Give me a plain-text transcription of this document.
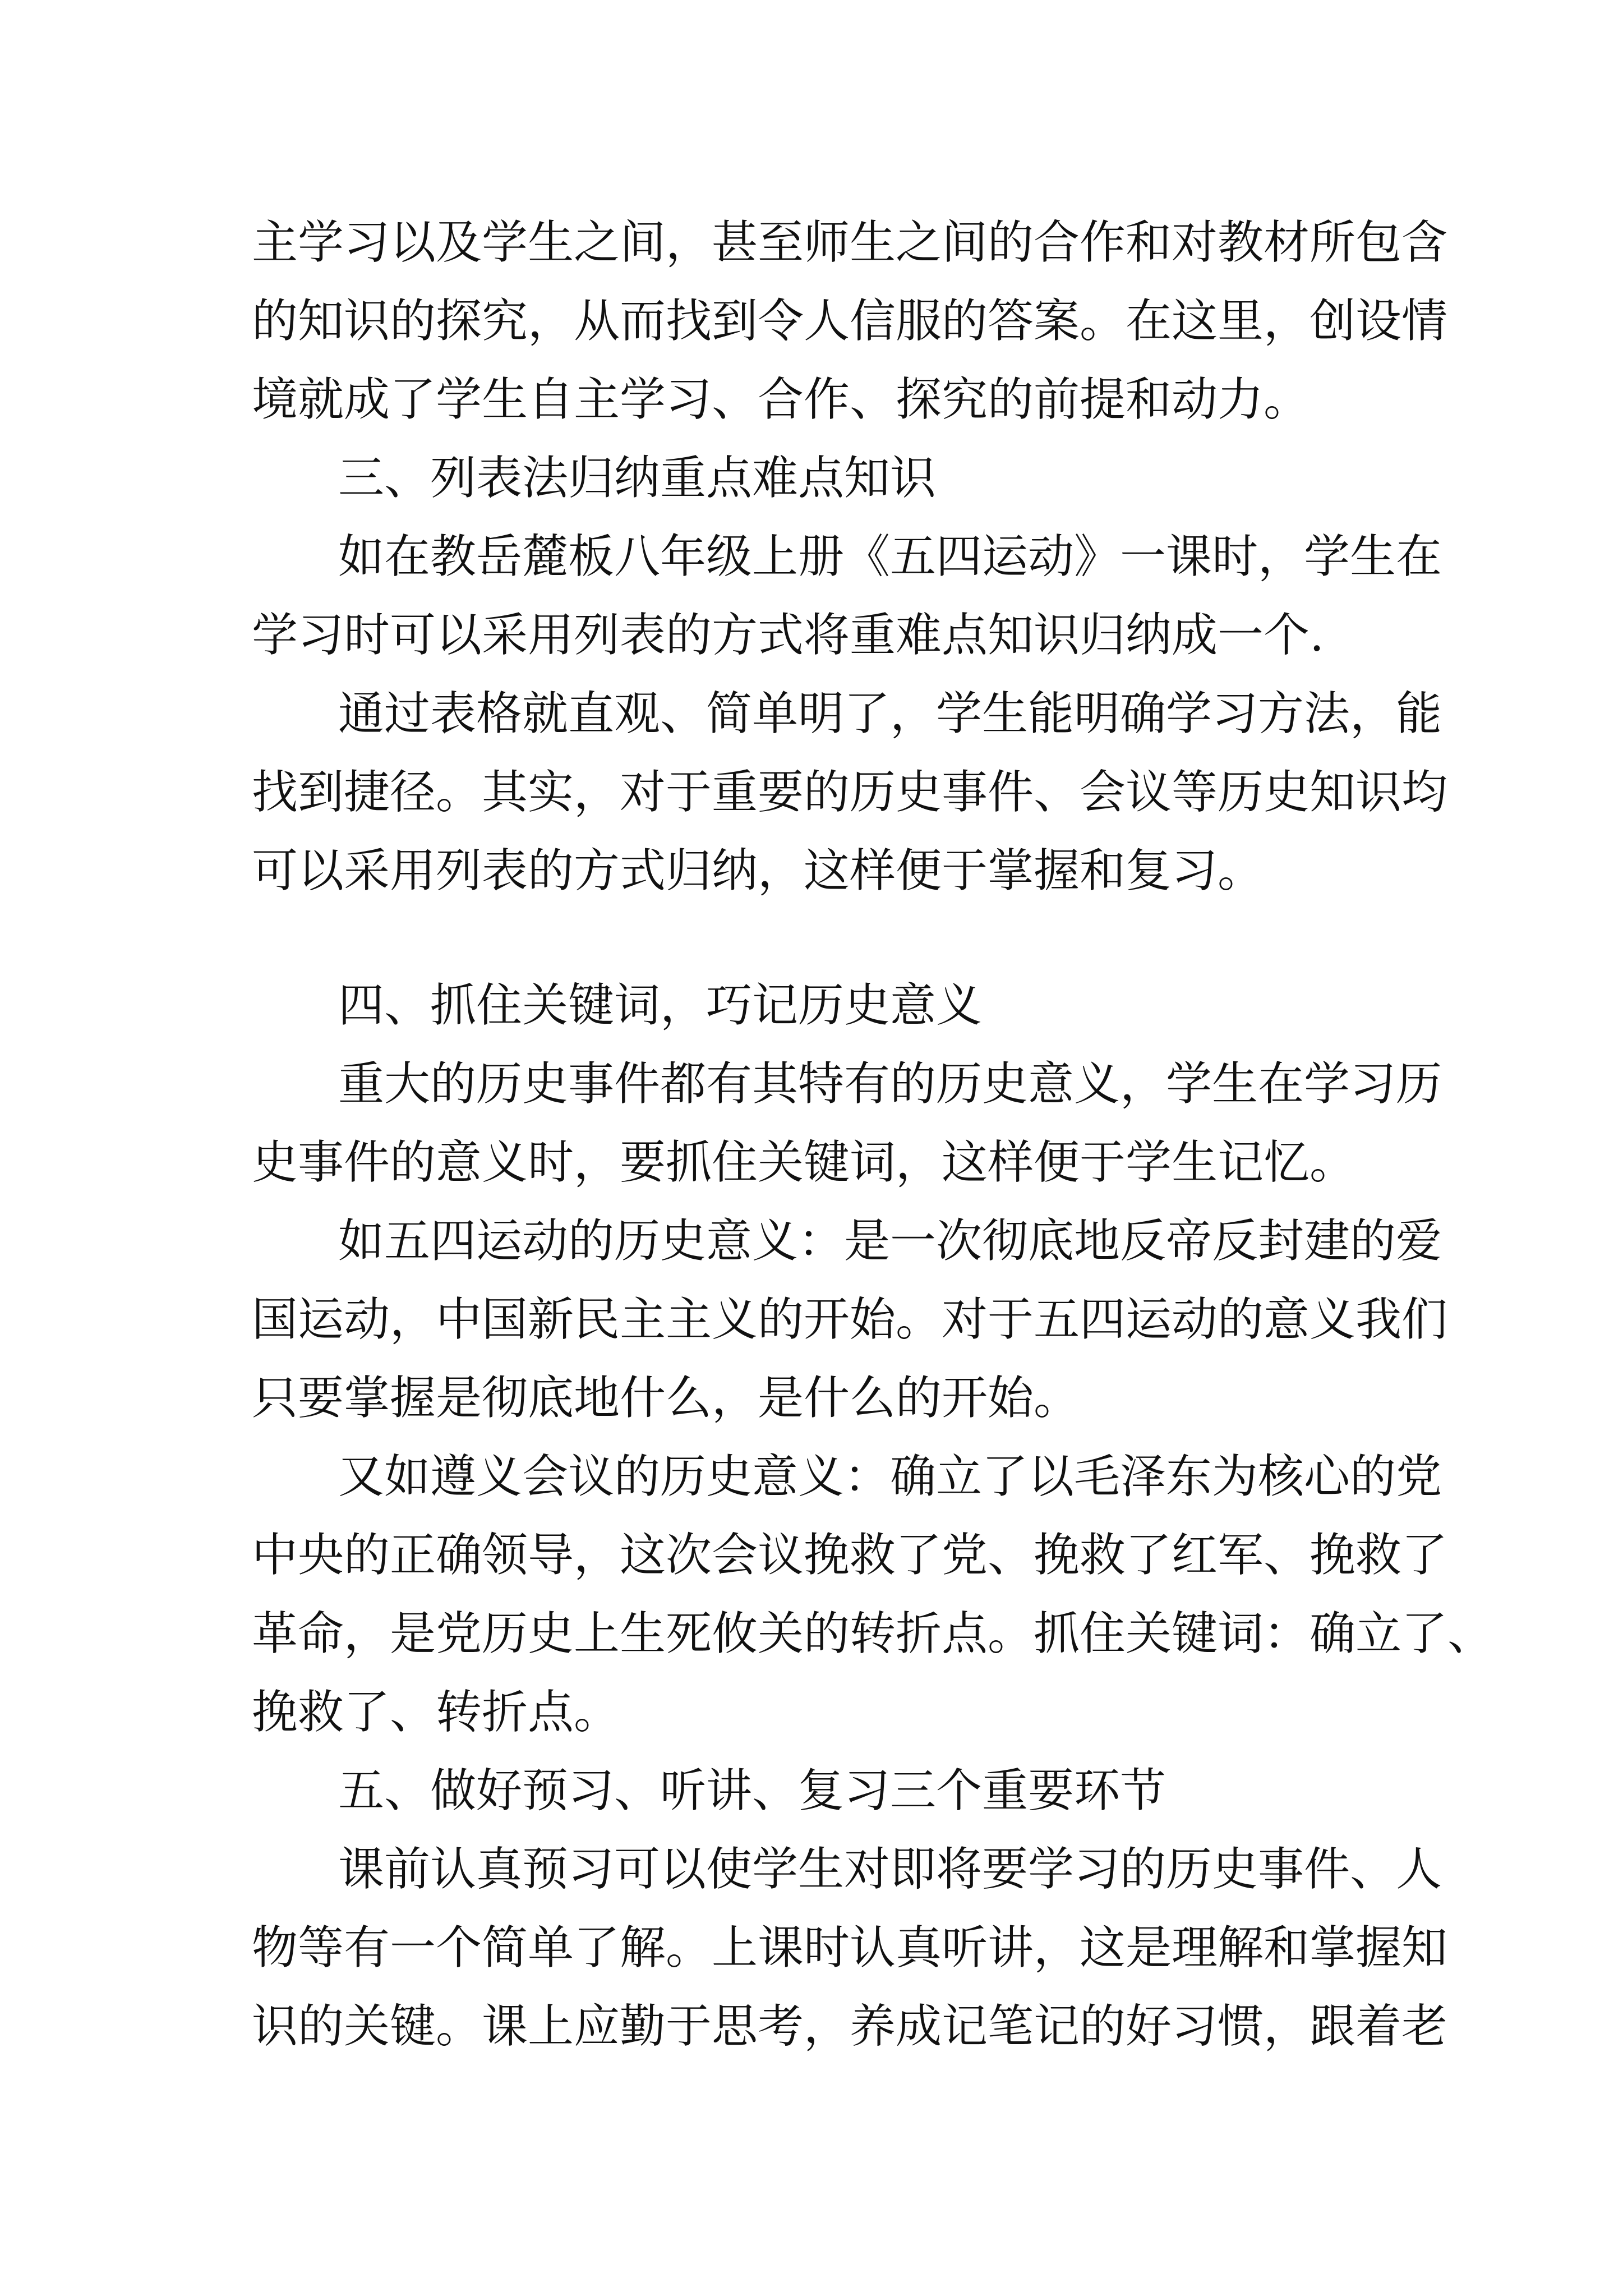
主学习以及学生之间，甚至师生之间的合作和对教材所包含
的知识的探究，从而找到令人信服的答案。在这里，创设情
境就成了学生自主学习、合作、探究的前提和动力。
三、列表法归纳重点难点知识
如在教岳麓板八年级上册《五四运动》一课时，学生在
学习时可以采用列表的方式将重难点知识归纳成一个.
通过表格就直观、简单明了，学生能明确学习方法，能
找到捷径。其实，对于重要的历史事件、会议等历史知识均
可以采用列表的方式归纳，这样便于掌握和复习。
四、抓住关键词，巧记历史意义
重大的历史事件都有其特有的历史意义，学生在学习历
史事件的意义时，要抓住关键词，这样便于学生记忆。
如五四运动的历史意义：是一次彻底地反帝反封建的爱
国运动，中国新民主主义的开始。对于五四运动的意义我们
只要掌握是彻底地什么，是什么的开始。
又如遵义会议的历史意义：确立了以毛泽东为核心的党
中央的正确领导，这次会议挽救了党、挽救了红军、挽救了
革命，是党历史上生死攸关的转折点。抓住关键词：确立了、
挽救了、转折点。
五、做好预习、听讲、复习三个重要环节
课前认真预习可以使学生对即将要学习的历史事件、人
物等有一个简单了解。上课时认真听讲，这是理解和掌握知
识的关键。课上应勤于思考，养成记笔记的好习惯，跟着老
